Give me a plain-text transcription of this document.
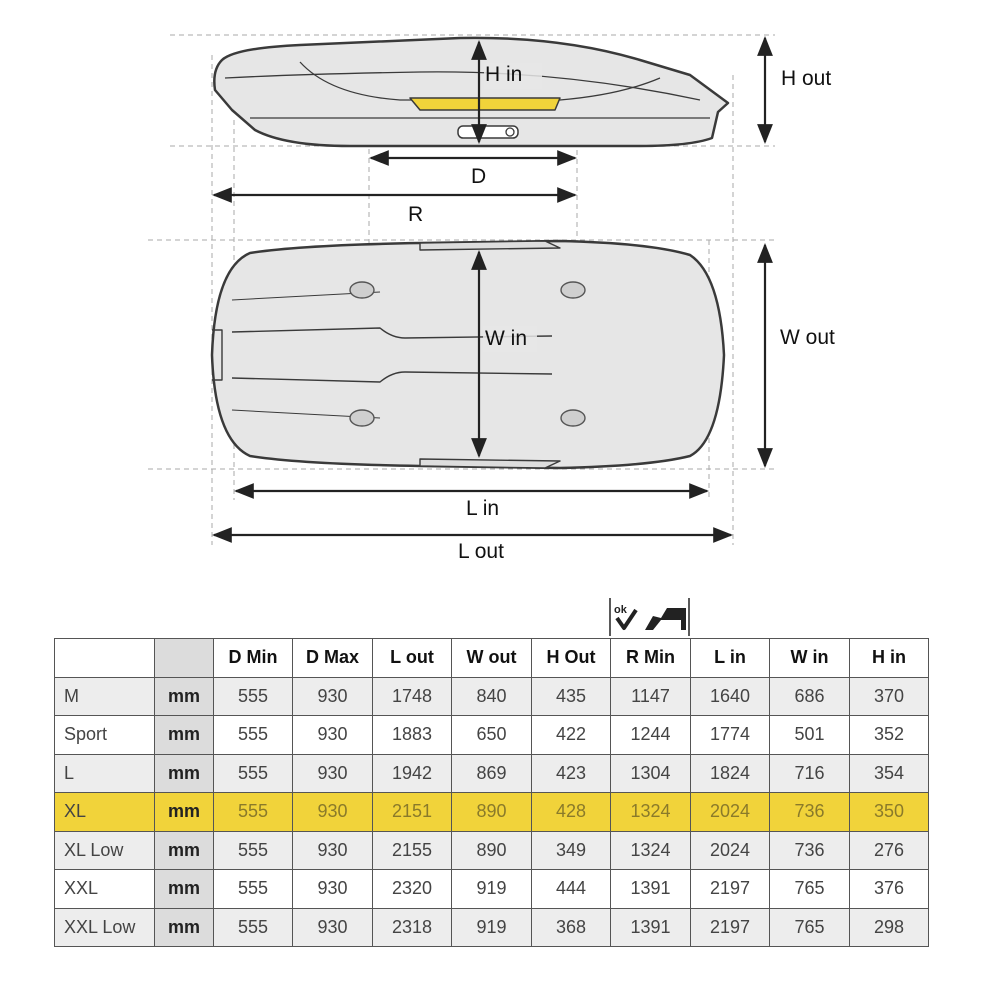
H in	H out
D
R
W in	W out
L in
L out
ok
		D Min	D Max	L out	W out	H Out	R Min	L in	W in	H in
M	mm	555	930	1748	840	435	1147	1640	686	370
Sport	mm	555	930	1883	650	422	1244	1774	501	352
L	mm	555	930	1942	869	423	1304	1824	716	354
XL	mm	555	930	2151	890	428	1324	2024	736	350
XL Low	mm	555	930	2155	890	349	1324	2024	736	276
XXL	mm	555	930	2320	919	444	1391	2197	765	376
XXL Low	mm	555	930	2318	919	368	1391	2197	765	298
